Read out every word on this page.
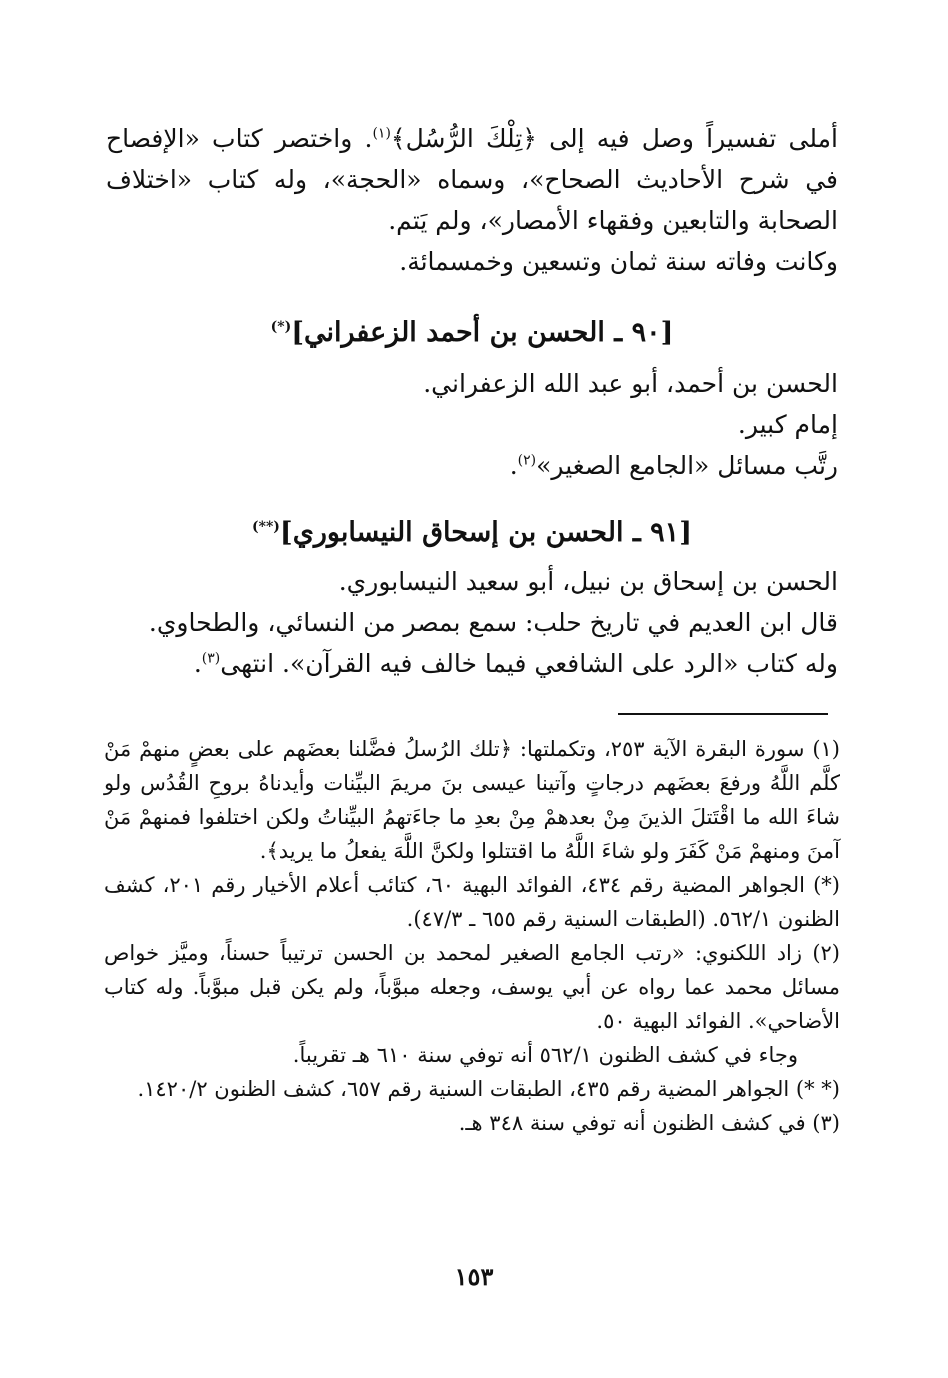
أملى تفسيراً وصل فيه إلى ﴿تِلْكَ الرُّسُل﴾$^{(١)}$. واختصر كتاب «الإفصاح في شرح الأحاديث الصحاح»، وسماه «الحجة»، وله كتاب «اختلاف الصحابة والتابعين وفقهاء الأمصار»، ولم يَتم.

وكانت وفاته سنة ثمان وتسعين وخمسمائة.

[٩٠ ـ الحسن بن أحمد الزعفراني](*)

الحسن بن أحمد، أبو عبد الله الزعفراني.

إمام كبير.

رتَّب مسائل «الجامع الصغير»$^{(٢)}$.

[٩١ ـ الحسن بن إسحاق النيسابوري](**)

الحسن بن إسحاق بن نبيل، أبو سعيد النيسابوري.

قال ابن العديم في تاريخ حلب: سمع بمصر من النسائي، والطحاوي.

وله كتاب «الرد على الشافعي فيما خالف فيه القرآن». انتهى$^{(٣)}$.

(١) سورة البقرة الآية ٢٥٣، وتكملتها: ﴿تلك الرُسلُ فضَّلنا بعضَهم على بعضٍ منهمْ مَنْ كلَّم اللَّهُ ورفعَ بعضَهم درجاتٍ وآتينا عيسى بنَ مريمَ البيِّنات وأيدناهُ بروحِ القُدُس ولو شاءَ الله ما اقْتَتلَ الذينَ مِنْ بعدهمْ مِنْ بعدِ ما جاءَتهمُ البيِّناتُ ولكن اختلفوا فمنهمْ مَنْ آمنَ ومنهمْ مَنْ كَفَرَ ولو شاءَ اللَّهُ ما اقتتلوا ولكنَّ اللَّهَ يفعلُ ما يريد﴾.

(*) الجواهر المضية رقم ٤٣٤، الفوائد البهية ٦٠، كتائب أعلام الأخيار رقم ٢٠١، كشف الظنون ٥٦٢/١. (الطبقات السنية رقم ٦٥٥ ـ ٤٧/٣).

(٢) زاد اللكنوي: «رتب الجامع الصغير لمحمد بن الحسن ترتيباً حسناً، وميَّز خواص مسائل محمد عما رواه عن أبي يوسف، وجعله مبوَّباً، ولم يكن قبل مبوَّباً. وله كتاب الأضاحي». الفوائد البهية ٥٠.

وجاء في كشف الظنون ٥٦٢/١ أنه توفي سنة ٦١٠ هـ تقريباً.

(* *) الجواهر المضية رقم ٤٣٥، الطبقات السنية رقم ٦٥٧، كشف الظنون ١٤٢٠/٢.

(٣) في كشف الظنون أنه توفي سنة ٣٤٨ هـ.

١٥٣
